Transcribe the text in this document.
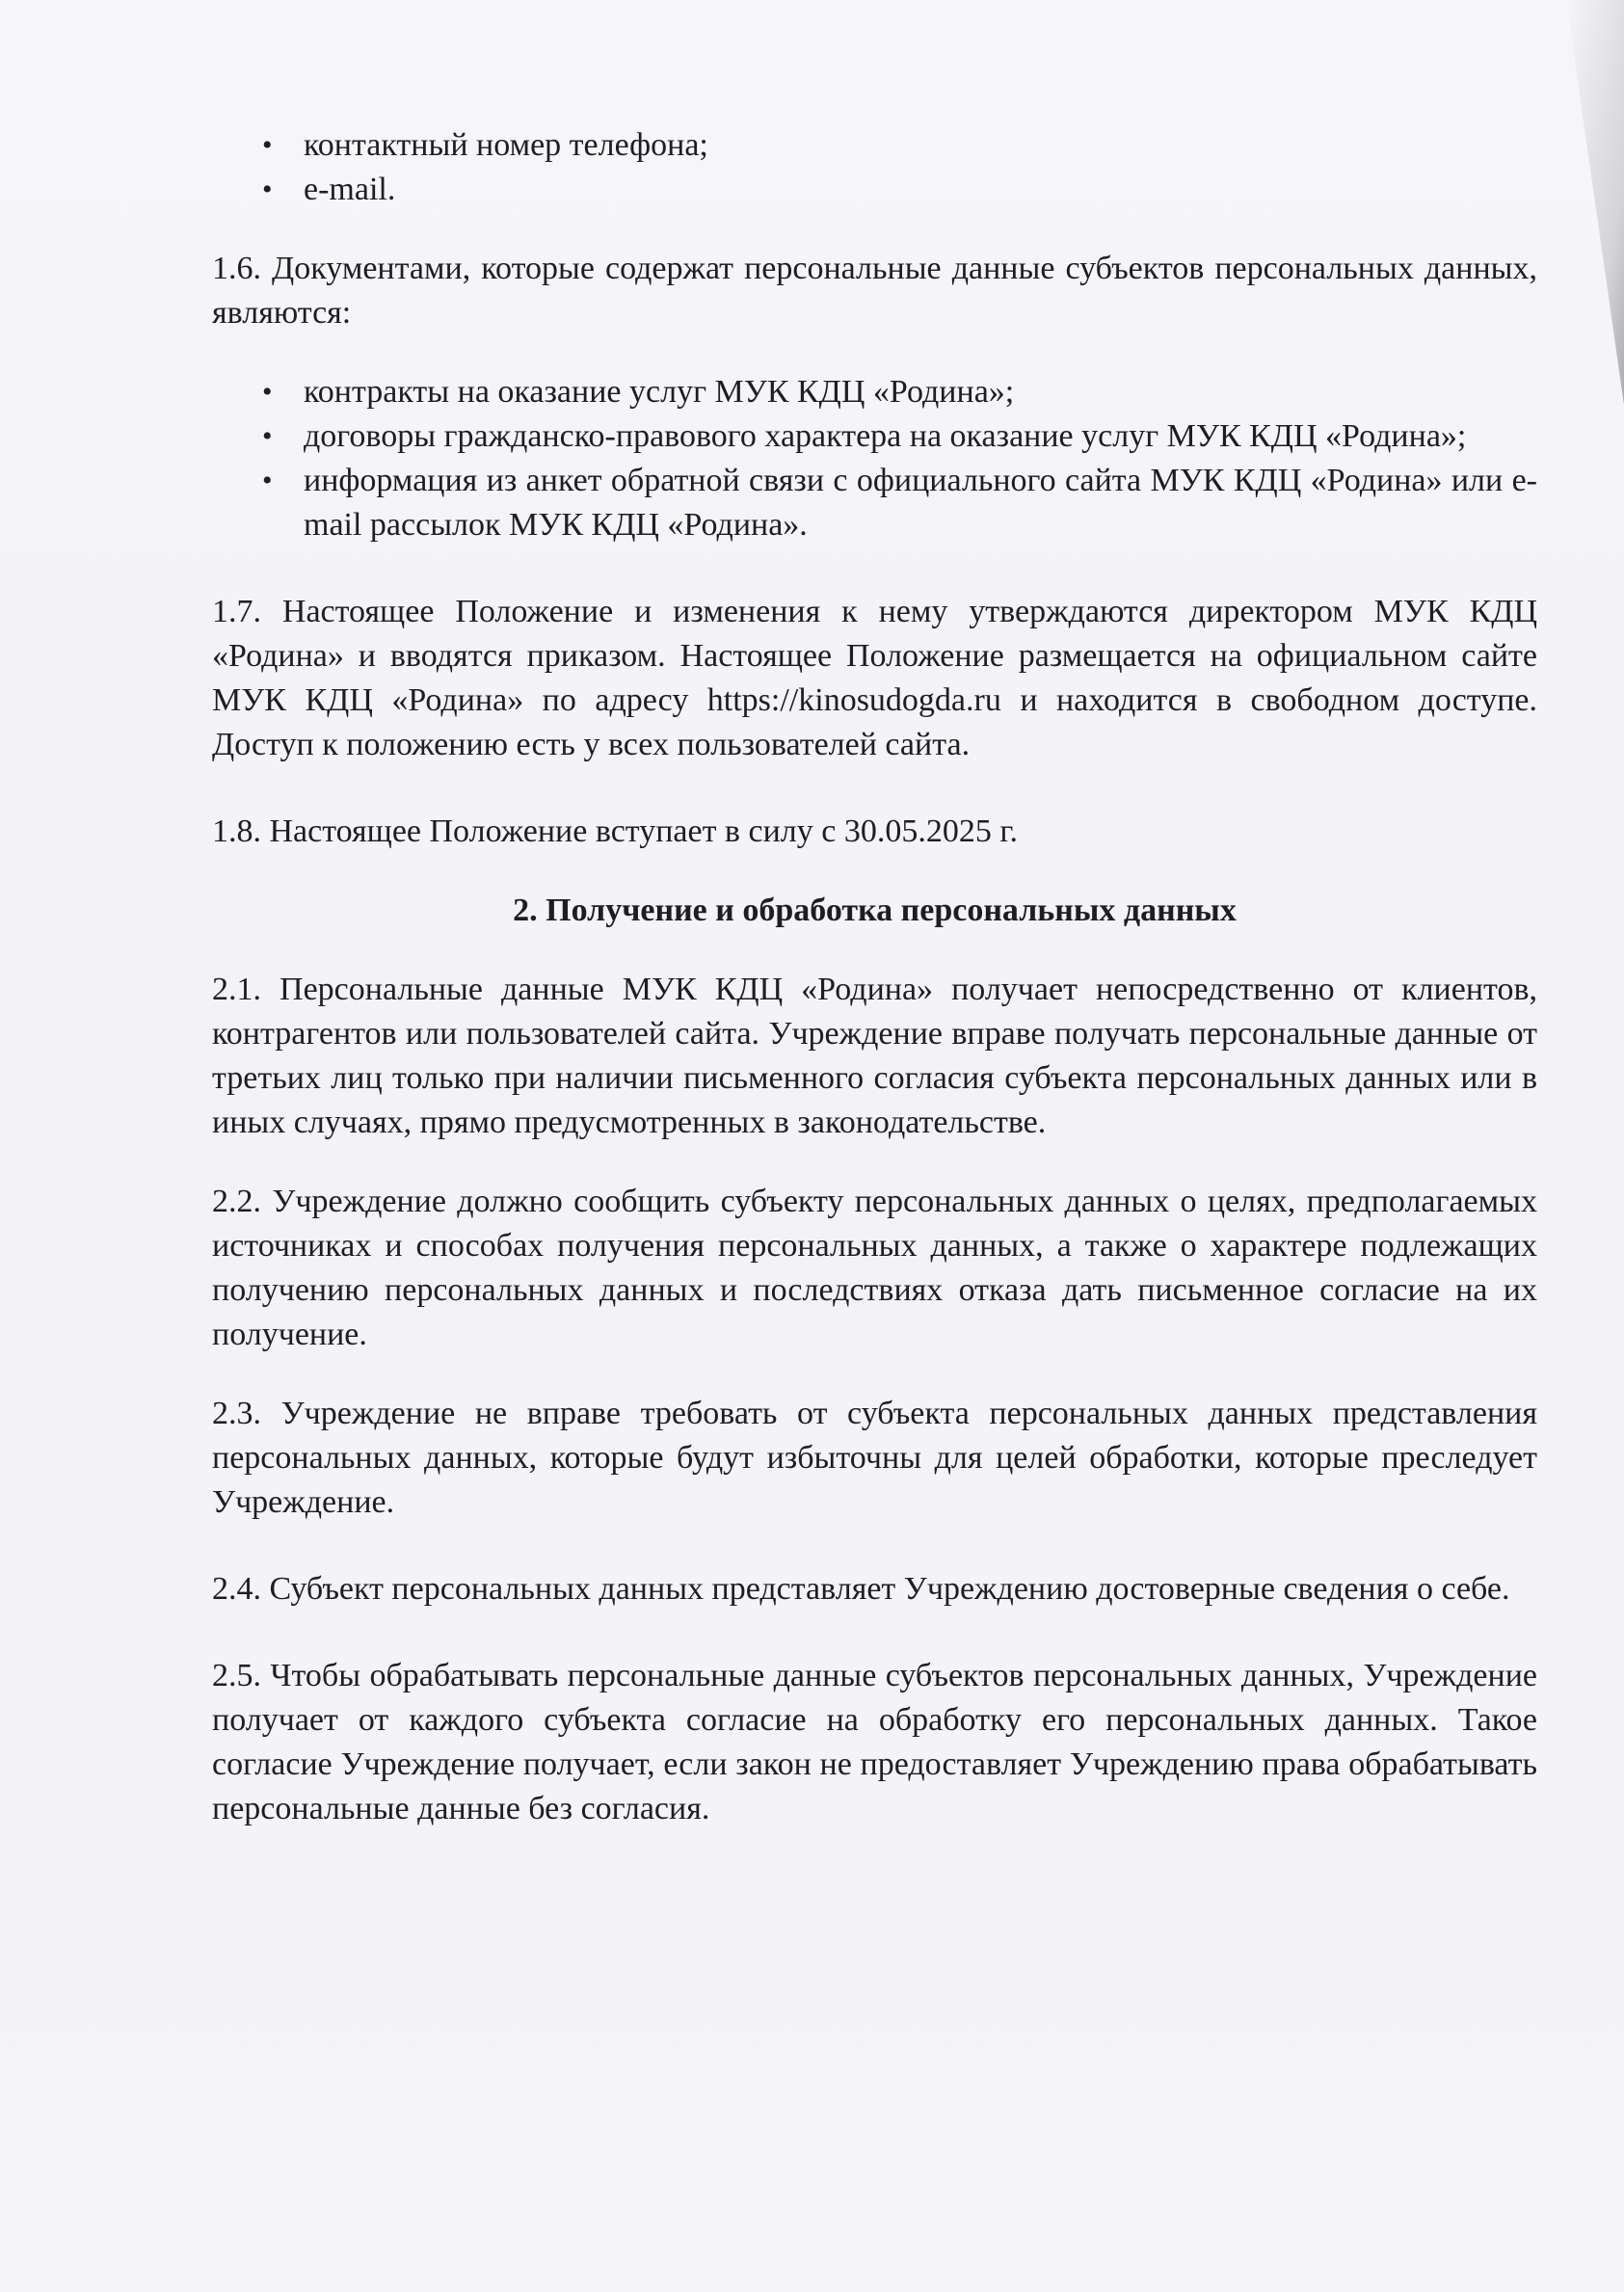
• контактный номер телефона;
• e-mail.

1.6. Документами, которые содержат персональные данные субъектов персональных данных, являются:

• контракты на оказание услуг МУК КДЦ «Родина»;
• договоры гражданско-правового характера на оказание услуг МУК КДЦ «Родина»;
• информация из анкет обратной связи с официального сайта МУК КДЦ «Родина» или e-mail рассылок МУК КДЦ «Родина».

1.7. Настоящее Положение и изменения к нему утверждаются директором МУК КДЦ «Родина» и вводятся приказом. Настоящее Положение размещается на официальном сайте МУК КДЦ «Родина» по адресу https://kinosudogda.ru и находится в свободном доступе. Доступ к положению есть у всех пользователей сайта.

1.8. Настоящее Положение вступает в силу с 30.05.2025 г.

2. Получение и обработка персональных данных

2.1. Персональные данные МУК КДЦ «Родина» получает непосредственно от клиентов, контрагентов или пользователей сайта. Учреждение вправе получать персональные данные от третьих лиц только при наличии письменного согласия субъекта персональных данных или в иных случаях, прямо предусмотренных в законодательстве.

2.2. Учреждение должно сообщить субъекту персональных данных о целях, предполагаемых источниках и способах получения персональных данных, а также о характере подлежащих получению персональных данных и последствиях отказа дать письменное согласие на их получение.

2.3. Учреждение не вправе требовать от субъекта персональных данных представления персональных данных, которые будут избыточны для целей обработки, которые преследует Учреждение.

2.4. Субъект персональных данных представляет Учреждению достоверные сведения о себе.

2.5. Чтобы обрабатывать персональные данные субъектов персональных данных, Учреждение получает от каждого субъекта согласие на обработку его персональных данных. Такое согласие Учреждение получает, если закон не предоставляет Учреждению права обрабатывать персональные данные без согласия.
